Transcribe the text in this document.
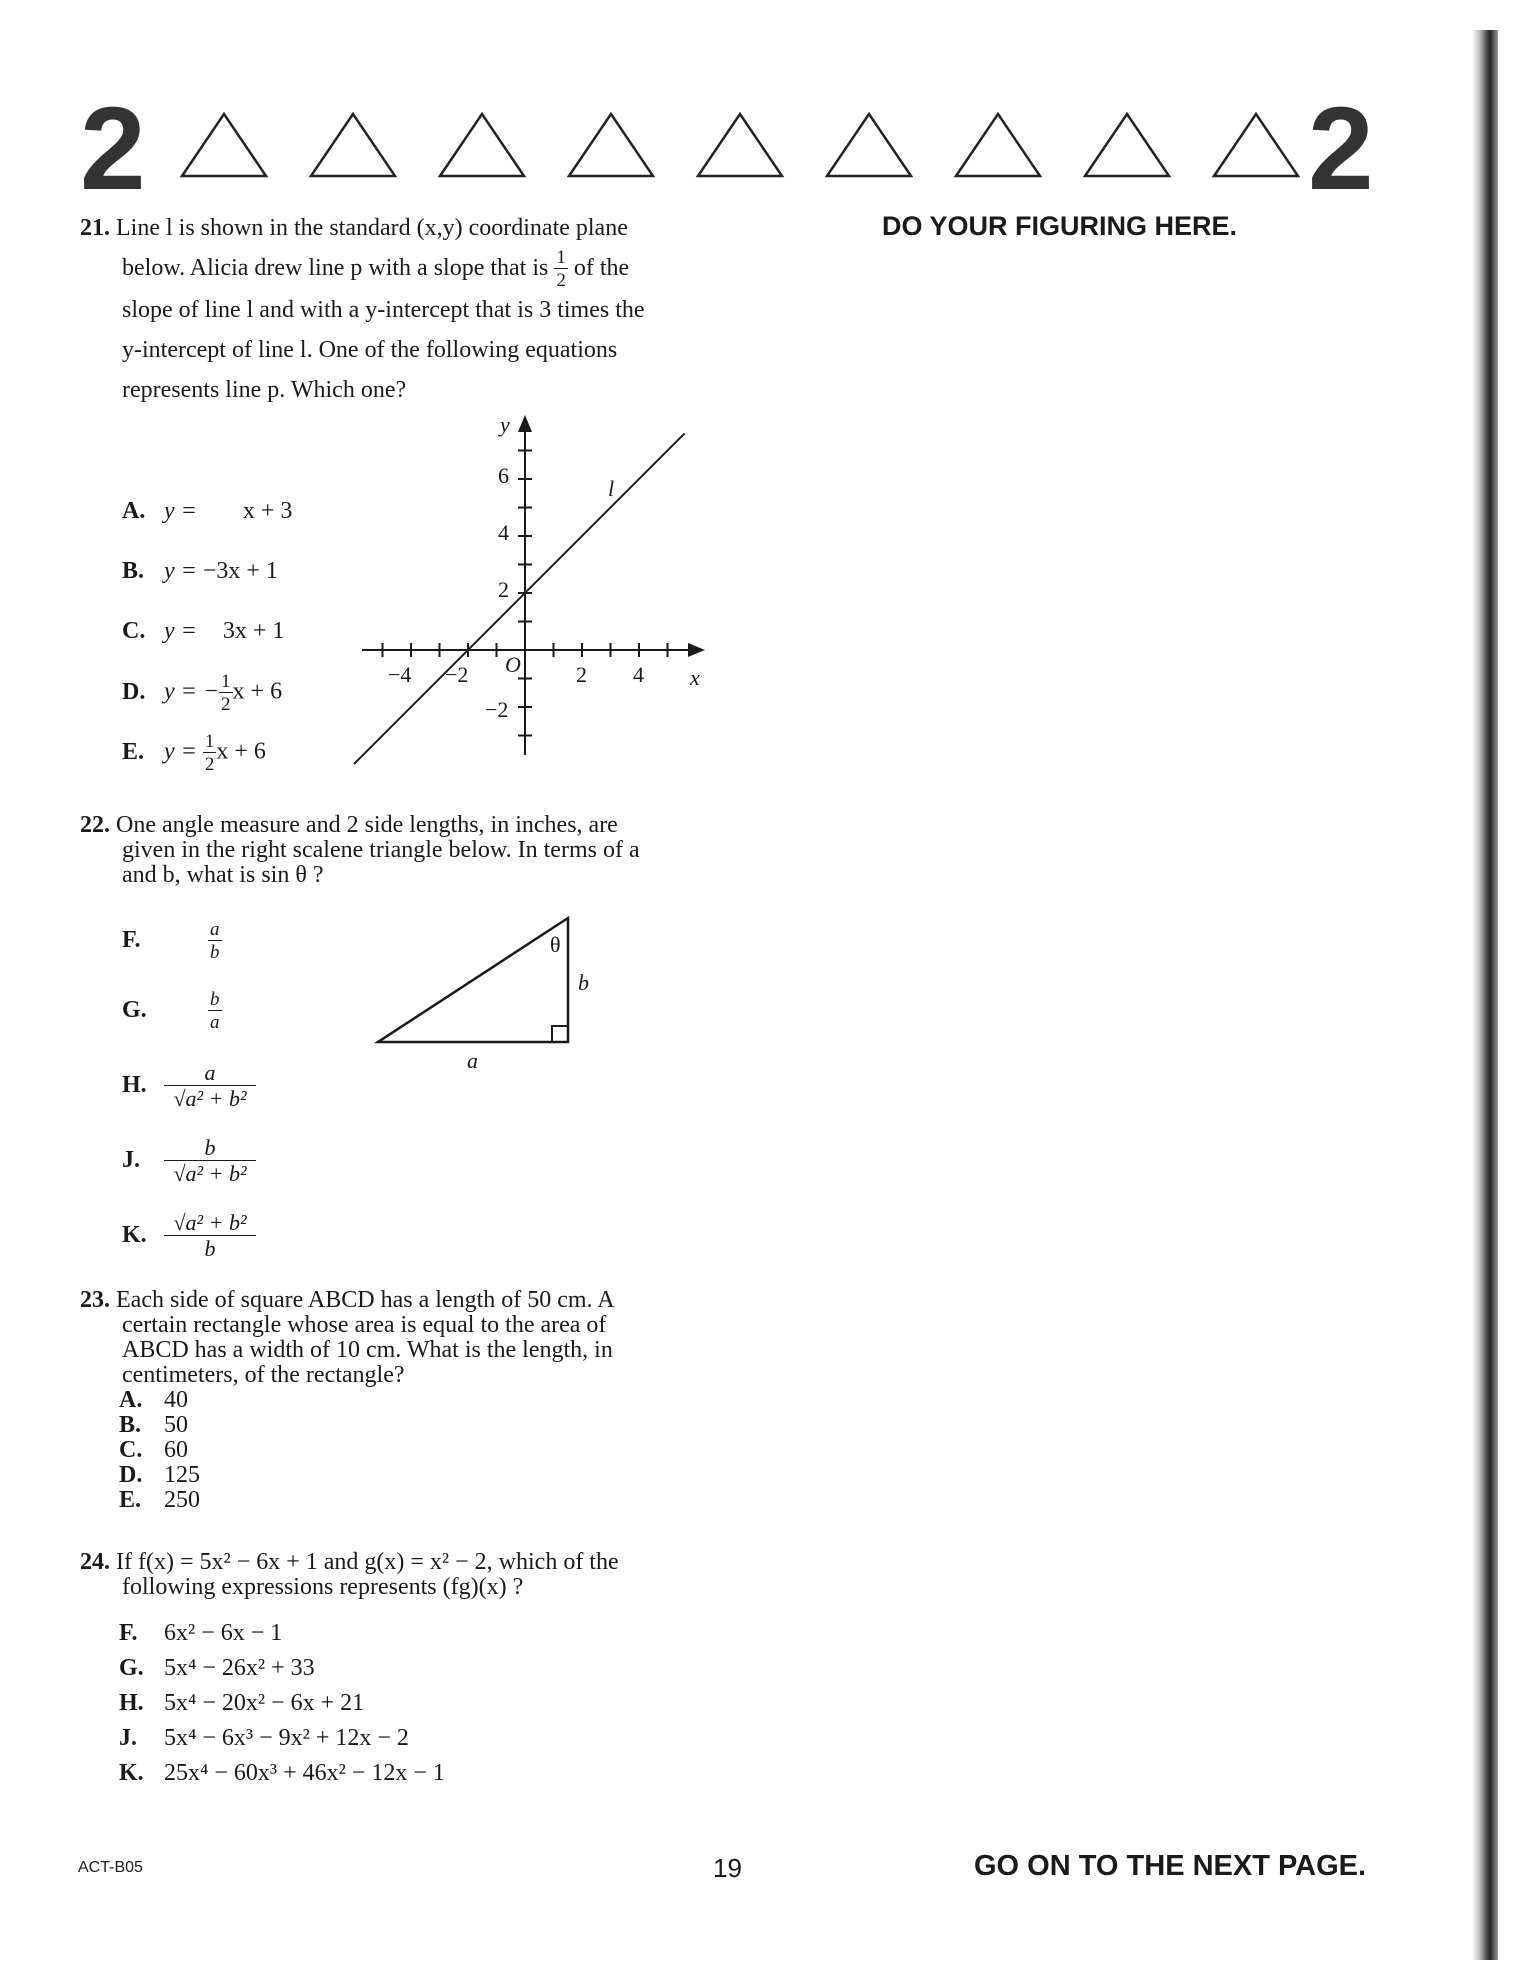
2	2
DO YOUR FIGURING HERE.
21. Line l is shown in the standard (x,y) coordinate plane
below. Alicia drew line p with a slope that is $\frac{1}{2}$ of the
slope of line l and with a y-intercept that is 3 times the
y-intercept of line l. One of the following equations
represents line p. Which one?
A. y = x + 3
B. y = −3x + 1
C. y = 3x + 1
D. y = − $\frac{1}{2}$ x + 6
E. $y = \frac{1}{2}$ x + 6
y
x
O
l
6
4
2
−2
−4 −2	2 4
22. One angle measure and 2 side lengths, in inches, are
given in the right scalene triangle below. In terms of a
and b, what is sin θ ?
F.	$\frac{a}{b}$
G.	$\frac{b}{a}$
H. $\frac{a}{\text{√a² + b²}}$
J. $\frac{b}{\text{√a² + b²}}$
K. $\frac{\text{√a² + b²}}{b}$
θ
b
a
23. Each side of square ABCD has a length of 50 cm. A
certain rectangle whose area is equal to the area of
ABCD has a width of 10 cm. What is the length, in
centimeters, of the rectangle?
A. 40
B. 50
C. 60
D. 125
E. 250
24. If f(x) = 5x² − 6x + 1 and g(x) = x² − 2, which of the
following expressions represents (fg)(x) ?
F. 6x² − 6x − 1
G. 5x⁴ − 26x² + 33
H. 5x⁴ − 20x² − 6x + 21
J. 5x⁴ − 6x³ − 9x² + 12x − 2
K. 25x⁴ − 60x³ + 46x² − 12x − 1
ACT-B05	19	GO ON TO THE NEXT PAGE.
